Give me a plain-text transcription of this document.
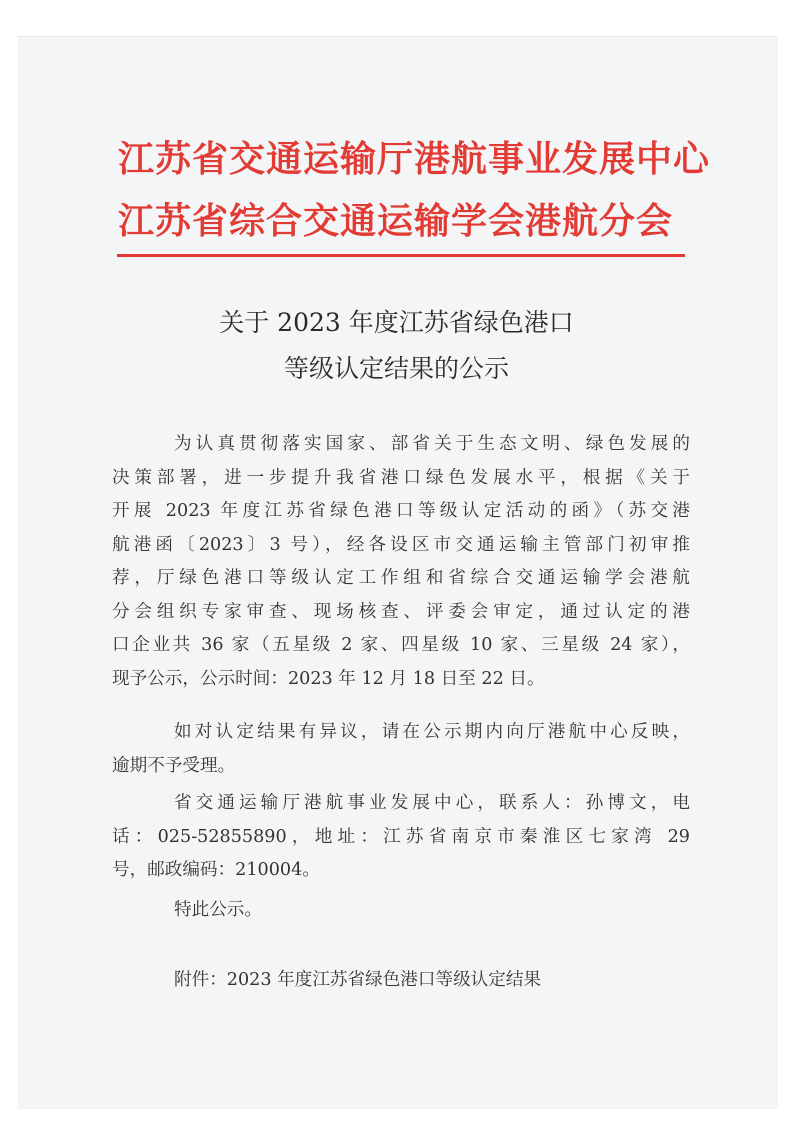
江苏省交通运输厅港航事业发展中心
江苏省综合交通运输学会港航分会
关于 2023 年度江苏省绿色港口
等级认定结果的公示
为认真贯彻落实国家、部省关于生态文明、绿色发展的
决策部署，进一步提升我省港口绿色发展水平，根据《关于
开展 2023 年度江苏省绿色港口等级认定活动的函》（苏交港
航港函〔2023〕3 号），经各设区市交通运输主管部门初审推
荐，厅绿色港口等级认定工作组和省综合交通运输学会港航
分会组织专家审查、现场核查、评委会审定，通过认定的港
口企业共 36 家（五星级 2 家、四星级 10 家、三星级 24 家），
现予公示，公示时间：2023 年 12 月 18 日至 22 日。
如对认定结果有异议，请在公示期内向厅港航中心反映，
逾期不予受理。
省交通运输厅港航事业发展中心，联系人：孙博文，电
话：025-52855890，地址：江苏省南京市秦淮区七家湾 29
号，邮政编码：210004。
特此公示。
附件：2023 年度江苏省绿色港口等级认定结果
